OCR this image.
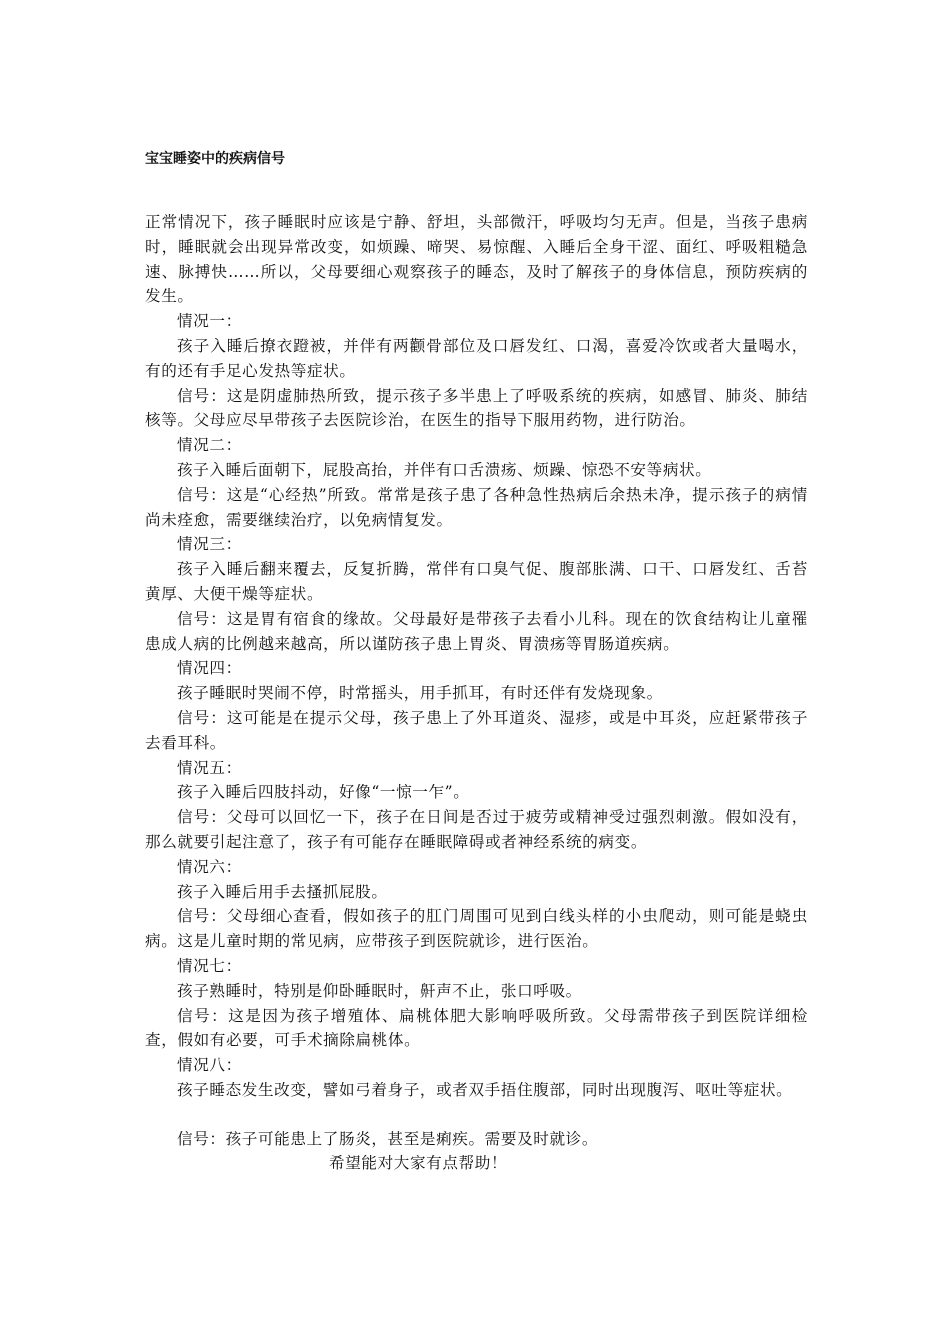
宝宝睡姿中的疾病信号

正常情况下，孩子睡眠时应该是宁静、舒坦，头部微汗，呼吸均匀无声。但是，当孩子患病时，睡眠就会出现异常改变，如烦躁、啼哭、易惊醒、入睡后全身干涩、面红、呼吸粗糙急速、脉搏快……所以，父母要细心观察孩子的睡态，及时了解孩子的身体信息，预防疾病的发生。

情况一：

孩子入睡后撩衣蹬被，并伴有两颧骨部位及口唇发红、口渴，喜爱冷饮或者大量喝水，有的还有手足心发热等症状。

信号：这是阴虚肺热所致，提示孩子多半患上了呼吸系统的疾病，如感冒、肺炎、肺结核等。父母应尽早带孩子去医院诊治，在医生的指导下服用药物，进行防治。

情况二：

孩子入睡后面朝下，屁股高抬，并伴有口舌溃疡、烦躁、惊恐不安等病状。

信号：这是“心经热”所致。常常是孩子患了各种急性热病后余热未净，提示孩子的病情尚未痊愈，需要继续治疗，以免病情复发。

情况三：

孩子入睡后翻来覆去，反复折腾，常伴有口臭气促、腹部胀满、口干、口唇发红、舌苔黄厚、大便干燥等症状。

信号：这是胃有宿食的缘故。父母最好是带孩子去看小儿科。现在的饮食结构让儿童罹患成人病的比例越来越高，所以谨防孩子患上胃炎、胃溃疡等胃肠道疾病。

情况四：

孩子睡眠时哭闹不停，时常摇头，用手抓耳，有时还伴有发烧现象。

信号：这可能是在提示父母，孩子患上了外耳道炎、湿疹，或是中耳炎，应赶紧带孩子去看耳科。

情况五：

孩子入睡后四肢抖动，好像“一惊一乍”。

信号：父母可以回忆一下，孩子在日间是否过于疲劳或精神受过强烈刺激。假如没有，那么就要引起注意了，孩子有可能存在睡眠障碍或者神经系统的病变。

情况六：

孩子入睡后用手去搔抓屁股。

信号：父母细心查看，假如孩子的肛门周围可见到白线头样的小虫爬动，则可能是蛲虫病。这是儿童时期的常见病，应带孩子到医院就诊，进行医治。

情况七：

孩子熟睡时，特别是仰卧睡眠时，鼾声不止，张口呼吸。

信号：这是因为孩子增殖体、扁桃体肥大影响呼吸所致。父母需带孩子到医院详细检查，假如有必要，可手术摘除扁桃体。

情况八：

孩子睡态发生改变，譬如弓着身子，或者双手捂住腹部，同时出现腹泻、呕吐等症状。

信号：孩子可能患上了肠炎，甚至是痢疾。需要及时就诊。

希望能对大家有点帮助！
